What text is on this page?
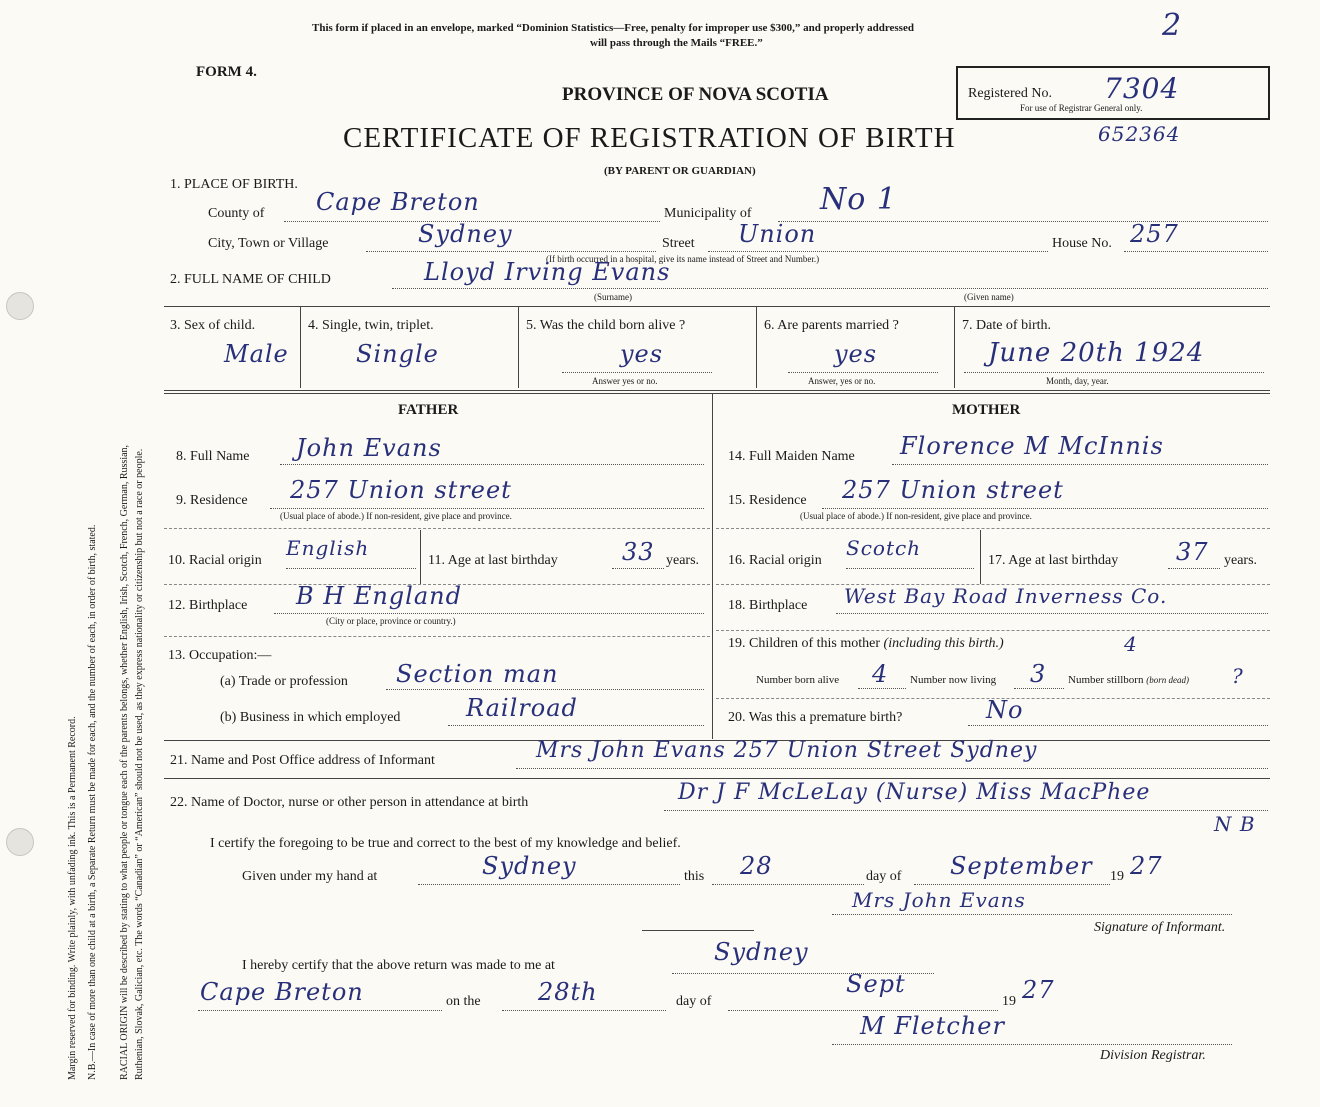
Margin reserved for binding. Write plainly, with unfading ink. This is a Permanent Record. N.B.—In case of more than one child at a birth, a Separate Return must be made for each, and the number of each, in order of birth, stated. RACIAL ORIGIN will be described by stating to what people or tongue each of the parents belongs, whether English, Irish, Scotch, French, German, Russian, Ruthenian, Slovak, Galician, etc. The words “Canadian” or “American” should not be used, as they express nationality or citizenship but not a race or people.
This form if placed in an envelope, marked “Dominion Statistics—Free, penalty for improper use $300,” and properly addressed
will pass through the Mails “FREE.”	2
FORM 4.
PROVINCE OF NOVA SCOTIA
CERTIFICATE OF REGISTRATION OF BIRTH
(BY PARENT OR GUARDIAN)
Registered No.
For use of Registrar General only.
7304
652364
1. PLACE OF BIRTH.
County of Cape Breton	Municipality of No 1
City, Town or Village	Sydney	Street Union	House No. 257
(If birth occurred in a hospital, give its name instead of Street and Number.)
2. FULL NAME OF CHILD	Lloyd Irving Evans
(Surname)	(Given name)
3. Sex of child.
Male
4. Single, twin, triplet.
Single
5. Was the child born alive ?
yes
Answer yes or no.
6. Are parents married ?
yes
Answer, yes or no.
7. Date of birth.
June 20th 1924
Month, day, year.
FATHER
8. Full Name John Evans
9. Residence 257 Union street
(Usual place of abode.) If non-resident, give place and province.
10. Racial origin
English
11. Age at last birthday	33 years.
12. Birthplace B H England
(City or place, province or country.)
13. Occupation:—
(a) Trade or profession Section man
(b) Business in which employed	Railroad
MOTHER
14. Full Maiden Name Florence M McInnis
15. Residence 257 Union street
(Usual place of abode.) If non-resident, give place and province.
16. Racial origin
Scotch
17. Age at last birthday 37 years.
18. Birthplace West Bay Road Inverness Co.
19. Children of this mother (including this birth.)	4
Number born alive 4 Number now living 3 Number stillborn (born dead) ?
20. Was this a premature birth?	No
21. Name and Post Office address of Informant	Mrs John Evans 257 Union Street Sydney
22. Name of Doctor, nurse or other person in attendance at birth	Dr J F McLeLay (Nurse) Miss MacPhee
N B
I certify the foregoing to be true and correct to the best of my knowledge and belief.
Given under my hand at	Sydney	this 28	day of September 19 27
Mrs John Evans
Signature of Informant.
I hereby certify that the above return was made to me at	Sydney
Cape Breton	on the 28th	day of
Sept
19 27
M Fletcher
Division Registrar.
